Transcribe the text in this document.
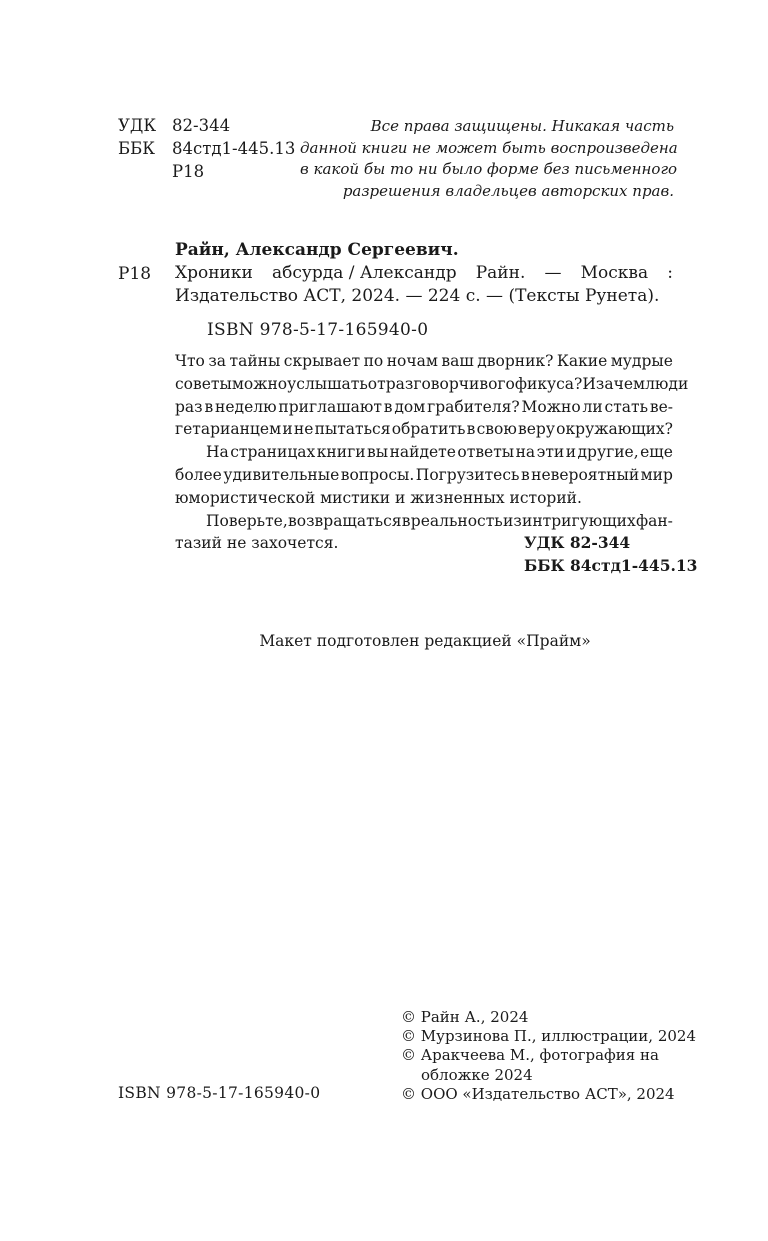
УДК 82-344
ББК 84стд1-445.13
Р18
Все права защищены. Никакая часть
данной книги не может быть воспроизведена
в какой бы то ни было форме без письменного
разрешения владельцев авторских прав.
Райн, Александр Сергеевич.
Р18 Хроники абсурда / Александр Райн. — Москва :
Издательство АСТ, 2024. — 224 с. — (Тексты Рунета).
ISBN 978-5-17-165940-0
Что за тайны скрывает по ночам ваш дворник? Какие мудрые
советы можно услышать от разговорчивого фикуса? И зачем люди
раз в неделю приглашают в дом грабителя? Можно ли стать ве-
гетарианцем и не пытаться обратить в свою веру окружающих?
На страницах книги вы найдете ответы на эти и другие, еще
более удивительные вопросы. Погрузитесь в невероятный мир
юмористической мистики и жизненных историй.
Поверьте, возвращаться в реальность из интригующих фан-
тазий не захочется.	УДК 82-344
ББК 84стд1-445.13
Макет подготовлен редакцией «Прайм»
© Райн А., 2024
© Мурзинова П., иллюстрации, 2024
© Аракчеева М., фотография на
обложке 2024
© ООО «Издательство АСТ», 2024
ISBN 978-5-17-165940-0
